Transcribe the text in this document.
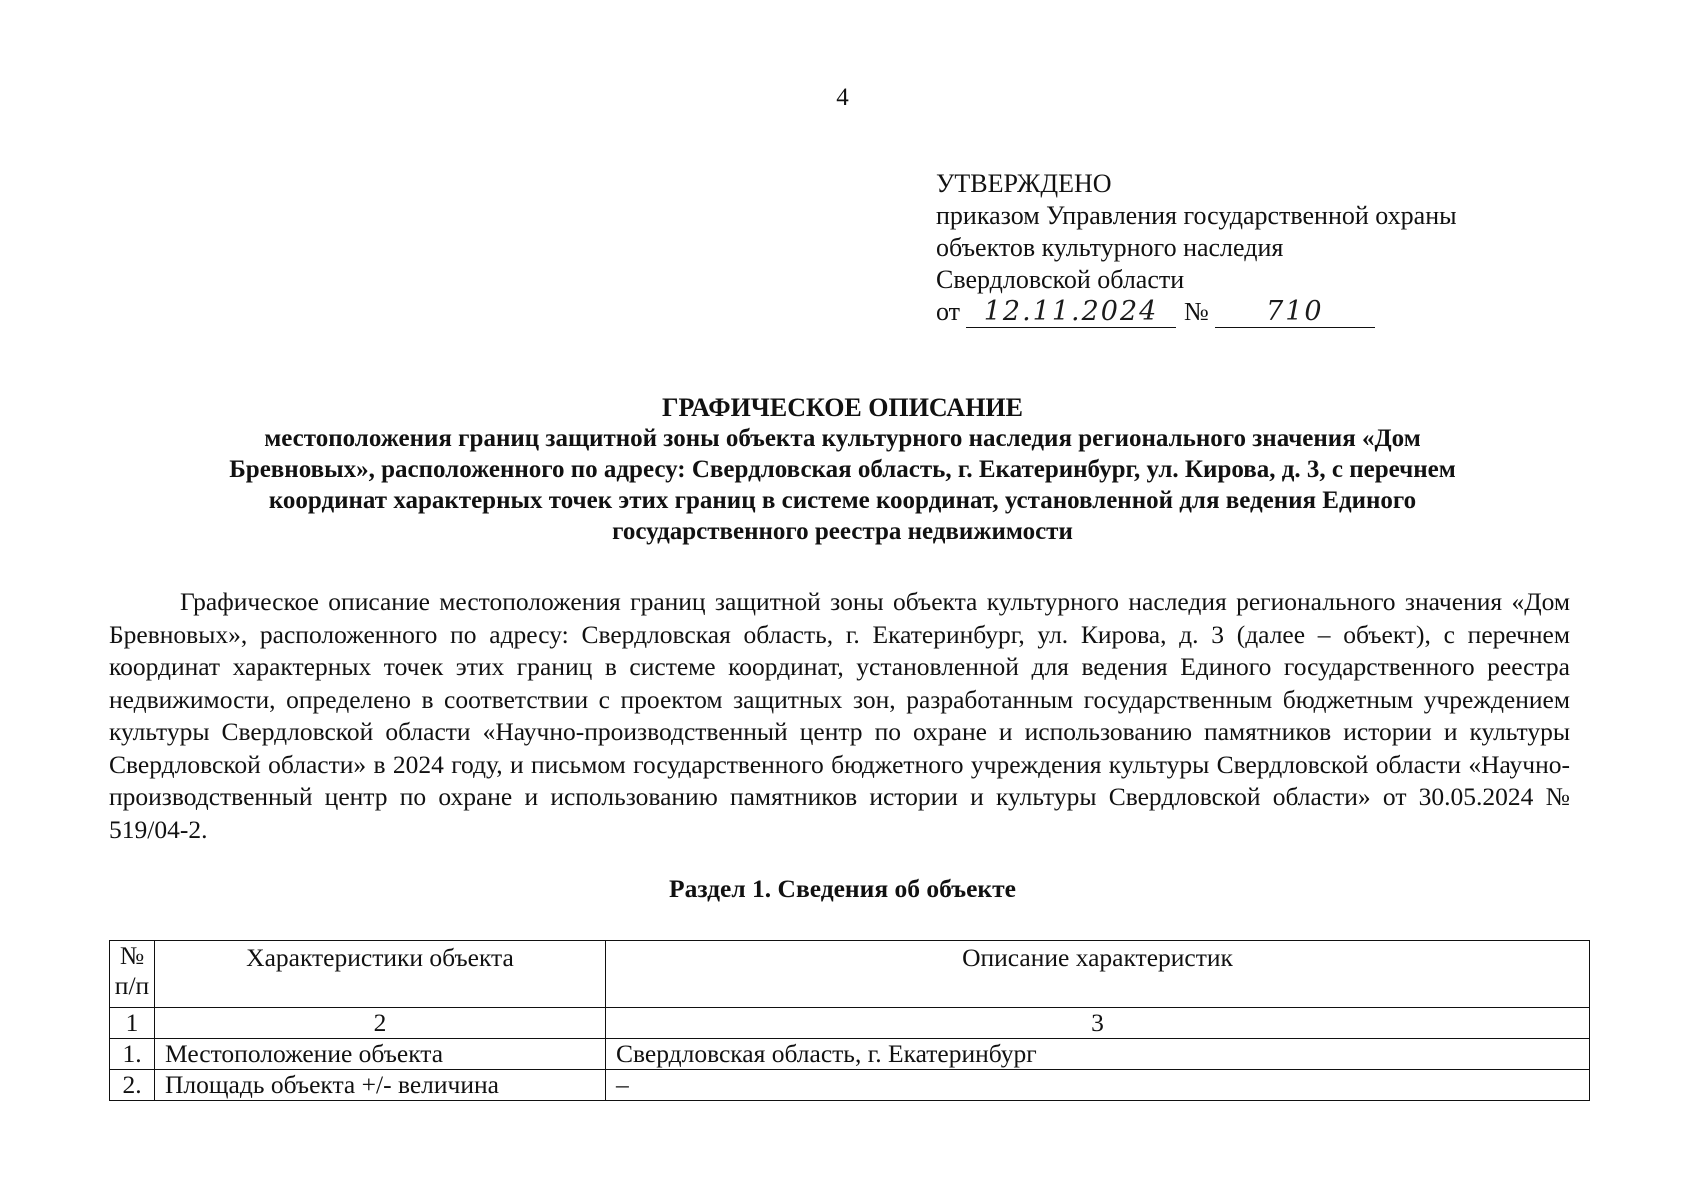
4
УТВЕРЖДЕНО
приказом Управления государственной охраны
объектов культурного наследия
Свердловской области
от 12.11.2024 №	710
ГРАФИЧЕСКОЕ ОПИСАНИЕ
местоположения границ защитной зоны объекта культурного наследия регионального значения «Дом
Бревновых», расположенного по адресу: Свердловская область, г. Екатеринбург, ул. Кирова, д. 3, с перечнем
координат характерных точек этих границ в системе координат, установленной для ведения Единого
государственного реестра недвижимости

Графическое описание местоположения границ защитной зоны объекта культурного наследия регионального значения «Дом Бревновых», расположенного по адресу: Свердловская область, г. Екатеринбург, ул. Кирова, д. 3 (далее – объект), с перечнем координат характерных точек этих границ в системе координат, установленной для ведения Единого государственного реестра недвижимости, определено в соответствии с проектом защитных зон, разработанным государственным бюджетным учреждением культуры Свердловской области «Научно-производственный центр по охране и использованию памятников истории и культуры Свердловской области» в 2024 году, и письмом государственного бюджетного учреждения культуры Свердловской области «Научно-производственный центр по охране и использованию памятников истории и культуры Свердловской области» от 30.05.2024 № 519/04-2.

Раздел 1. Сведения об объекте
№ п/п	Характеристики объекта	Описание характеристик
1	2	3
1.	Местоположение объекта	Свердловская область, г. Екатеринбург
2.	Площадь объекта +/- величина	–
